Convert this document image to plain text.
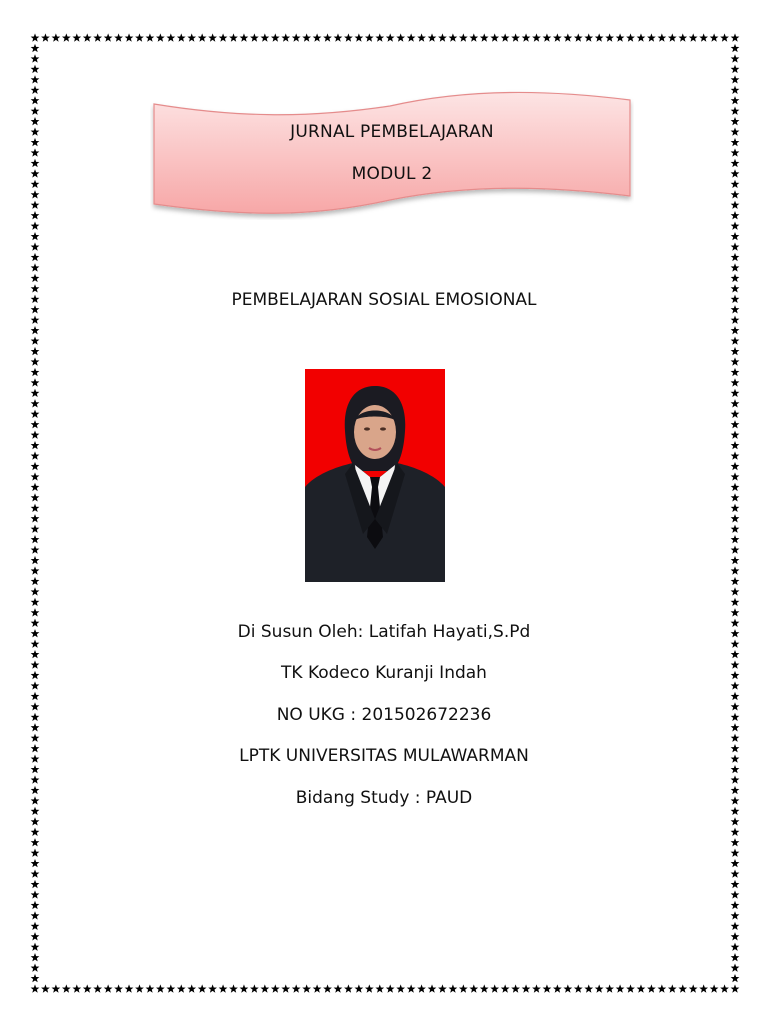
JURNAL PEMBELAJARAN
MODUL 2
PEMBELAJARAN SOSIAL EMOSIONAL
Di Susun Oleh: Latifah Hayati,S.Pd
TK Kodeco Kuranji Indah
NO UKG : 201502672236
LPTK UNIVERSITAS MULAWARMAN
Bidang Study : PAUD
